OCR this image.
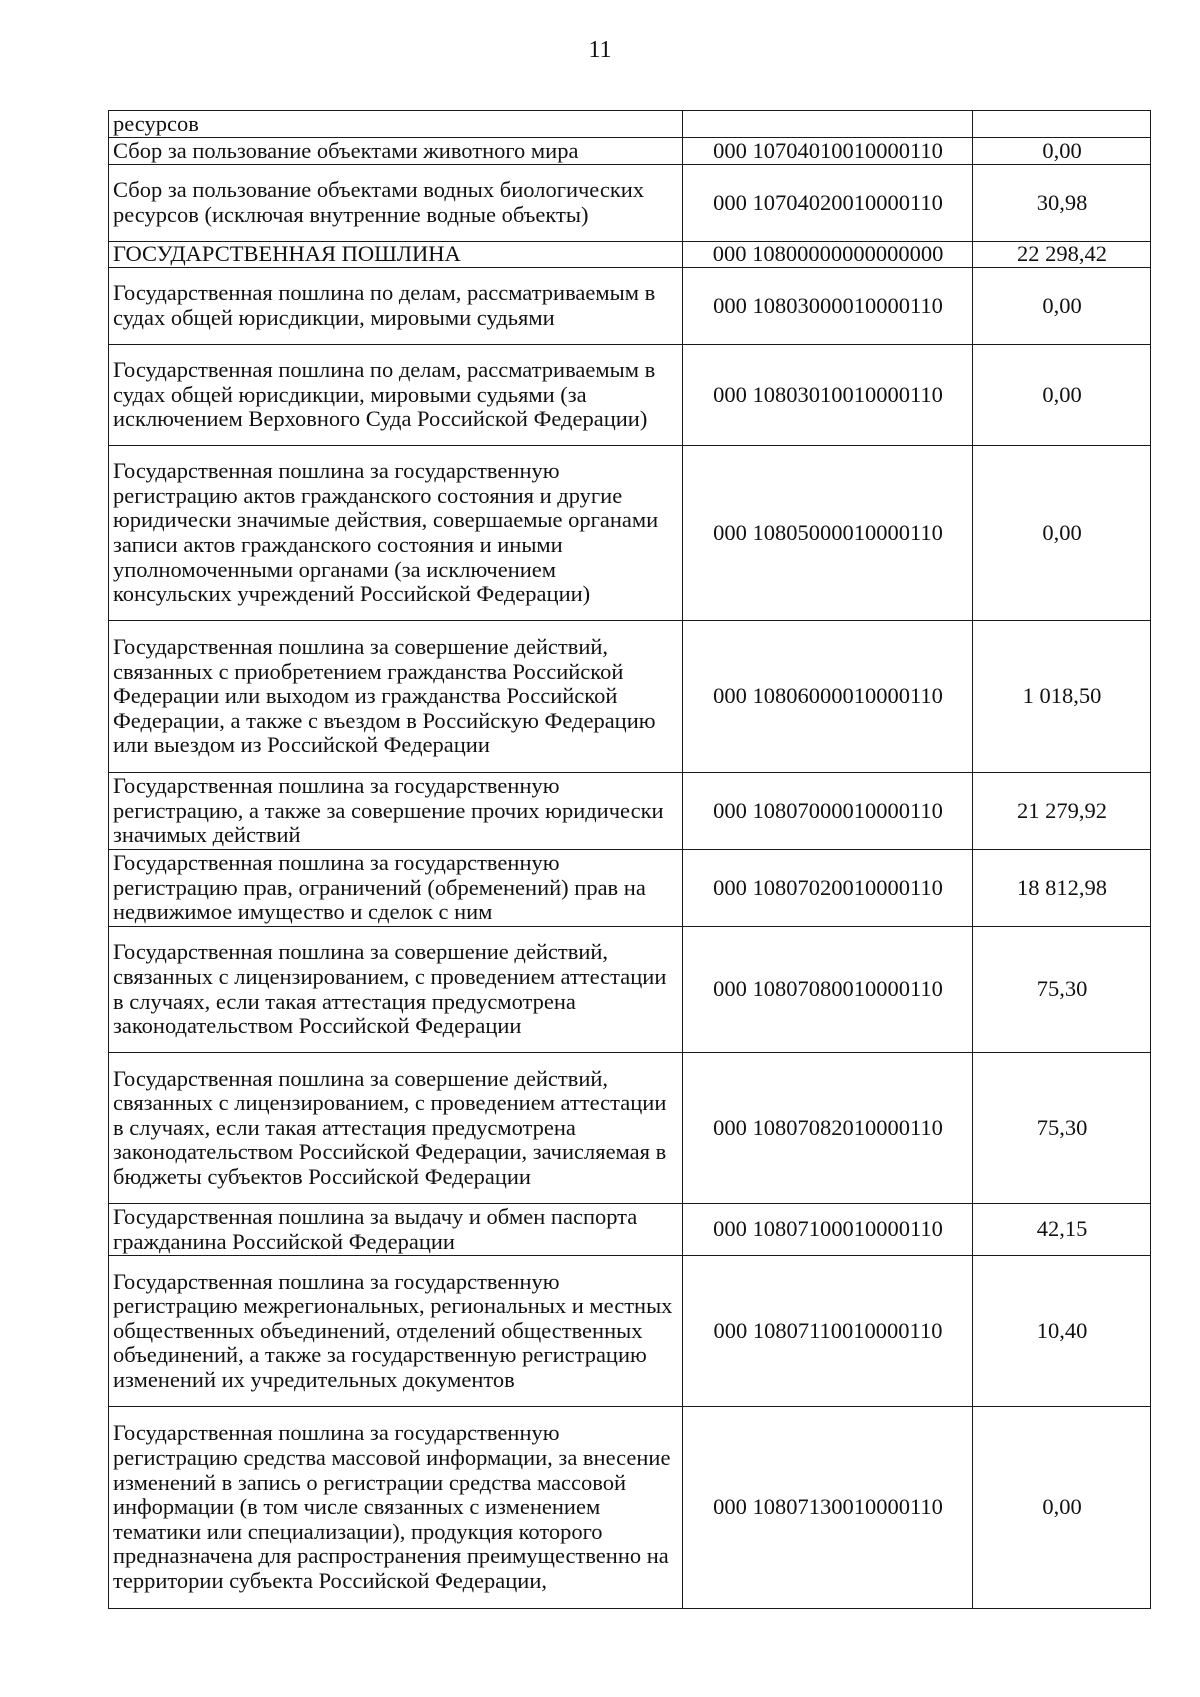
11
ресурсов		
Сбор за пользование объектами животного мира	000 10704010010000110	0,00
Сбор за пользование объектами водных биологических ресурсов (исключая внутренние водные объекты)	000 10704020010000110	30,98
ГОСУДАРСТВЕННАЯ ПОШЛИНА	000 10800000000000000	22 298,42
Государственная пошлина по делам, рассматриваемым в судах общей юрисдикции, мировыми судьями	000 10803000010000110	0,00
Государственная пошлина по делам, рассматриваемым в судах общей юрисдикции, мировыми судьями (за исключением Верховного Суда Российской Федерации)	000 10803010010000110	0,00
Государственная пошлина за государственную регистрацию актов гражданского состояния и другие юридически значимые действия, совершаемые органами записи актов гражданского состояния и иными уполномоченными органами (за исключением консульских учреждений Российской Федерации)	000 10805000010000110	0,00
Государственная пошлина за совершение действий, связанных с приобретением гражданства Российской Федерации или выходом из гражданства Российской Федерации, а также с въездом в Российскую Федерацию или выездом из Российской Федерации	000 10806000010000110	1 018,50
Государственная пошлина за государственную регистрацию, а также за совершение прочих юридически значимых действий	000 10807000010000110	21 279,92
Государственная пошлина за государственную регистрацию прав, ограничений (обременений) прав на недвижимое имущество и сделок с ним	000 10807020010000110	18 812,98
Государственная пошлина за совершение действий, связанных с лицензированием, с проведением аттестации в случаях, если такая аттестация предусмотрена законодательством Российской Федерации	000 10807080010000110	75,30
Государственная пошлина за совершение действий, связанных с лицензированием, с проведением аттестации в случаях, если такая аттестация предусмотрена законодательством Российской Федерации, зачисляемая в бюджеты субъектов Российской Федерации	000 10807082010000110	75,30
Государственная пошлина за выдачу и обмен паспорта гражданина Российской Федерации	000 10807100010000110	42,15
Государственная пошлина за государственную регистрацию межрегиональных, региональных и местных общественных объединений, отделений общественных объединений, а также за государственную регистрацию изменений их учредительных документов	000 10807110010000110	10,40
Государственная пошлина за государственную регистрацию средства массовой информации, за внесение изменений в запись о регистрации средства массовой информации (в том числе связанных с изменением тематики или специализации), продукция которого предназначена для распространения преимущественно на территории субъекта Российской Федерации,	000 10807130010000110	0,00
